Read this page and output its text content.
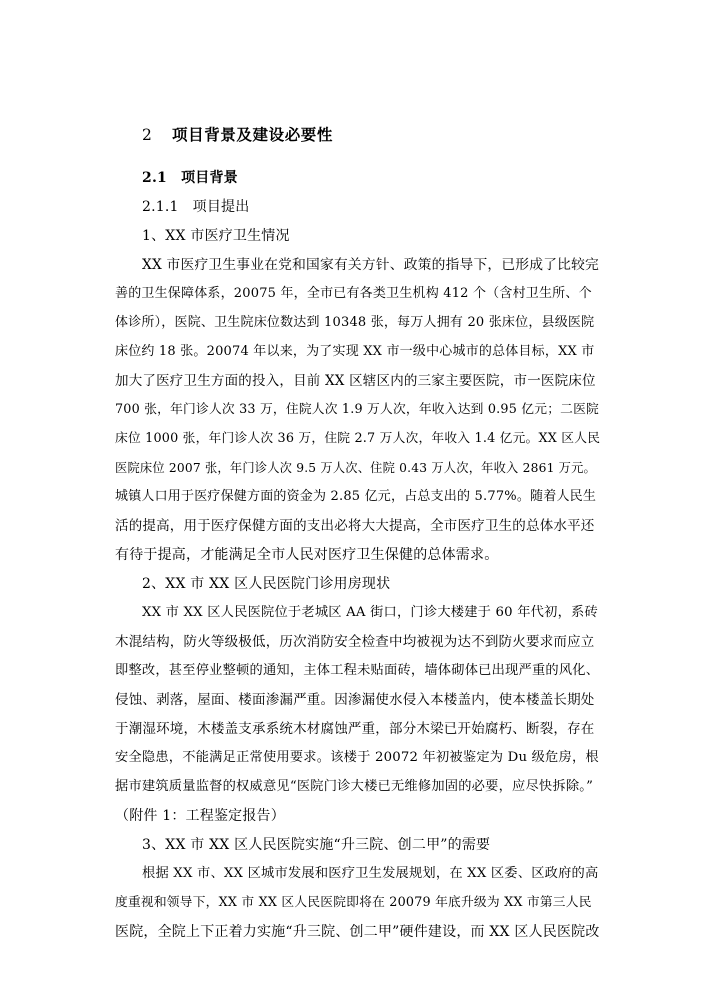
2 项目背景及建设必要性
2.1 项目背景
2.1.1 项目提出
1、XX 市医疗卫生情况
XX 市医疗卫生事业在党和国家有关方针、政策的指导下，已形成了比较完
善的卫生保障体系，20075 年，全市已有各类卫生机构 412 个（含村卫生所、个
体诊所），医院、卫生院床位数达到 10348 张，每万人拥有 20 张床位，县级医院
床位约 18 张。20074 年以来，为了实现 XX 市一级中心城市的总体目标，XX 市
加大了医疗卫生方面的投入，目前 XX 区辖区内的三家主要医院，市一医院床位
700 张，年门诊人次 33 万，住院人次 1.9 万人次，年收入达到 0.95 亿元；二医院
床位 1000 张，年门诊人次 36 万，住院 2.7 万人次，年收入 1.4 亿元。XX 区人民
医院床位 2007 张，年门诊人次 9.5 万人次、住院 0.43 万人次，年收入 2861 万元。
城镇人口用于医疗保健方面的资金为 2.85 亿元，占总支出的 5.77%。随着人民生
活的提高，用于医疗保健方面的支出必将大大提高，全市医疗卫生的总体水平还
有待于提高，才能满足全市人民对医疗卫生保健的总体需求。
2、XX 市 XX 区人民医院门诊用房现状
XX 市 XX 区人民医院位于老城区 AA 街口，门诊大楼建于 60 年代初，系砖
木混结构，防火等级极低，历次消防安全检查中均被视为达不到防火要求而应立
即整改，甚至停业整顿的通知，主体工程未贴面砖，墙体砌体已出现严重的风化、
侵蚀、剥落，屋面、楼面渗漏严重。因渗漏使水侵入本楼盖内，使本楼盖长期处
于潮湿环境，木楼盖支承系统木材腐蚀严重，部分木梁已开始腐朽、断裂，存在
安全隐患，不能满足正常使用要求。该楼于 20072 年初被鉴定为 Du 级危房，根
据市建筑质量监督的权威意见“医院门诊大楼已无维修加固的必要，应尽快拆除。”
（附件 1：工程鉴定报告）
3、XX 市 XX 区人民医院实施“升三院、创二甲”的需要
根据 XX 市、XX 区城市发展和医疗卫生发展规划，在 XX 区委、区政府的高
度重视和领导下，XX 市 XX 区人民医院即将在 20079 年底升级为 XX 市第三人民
医院，全院上下正着力实施“升三院、创二甲”硬件建设，而 XX 区人民医院改
